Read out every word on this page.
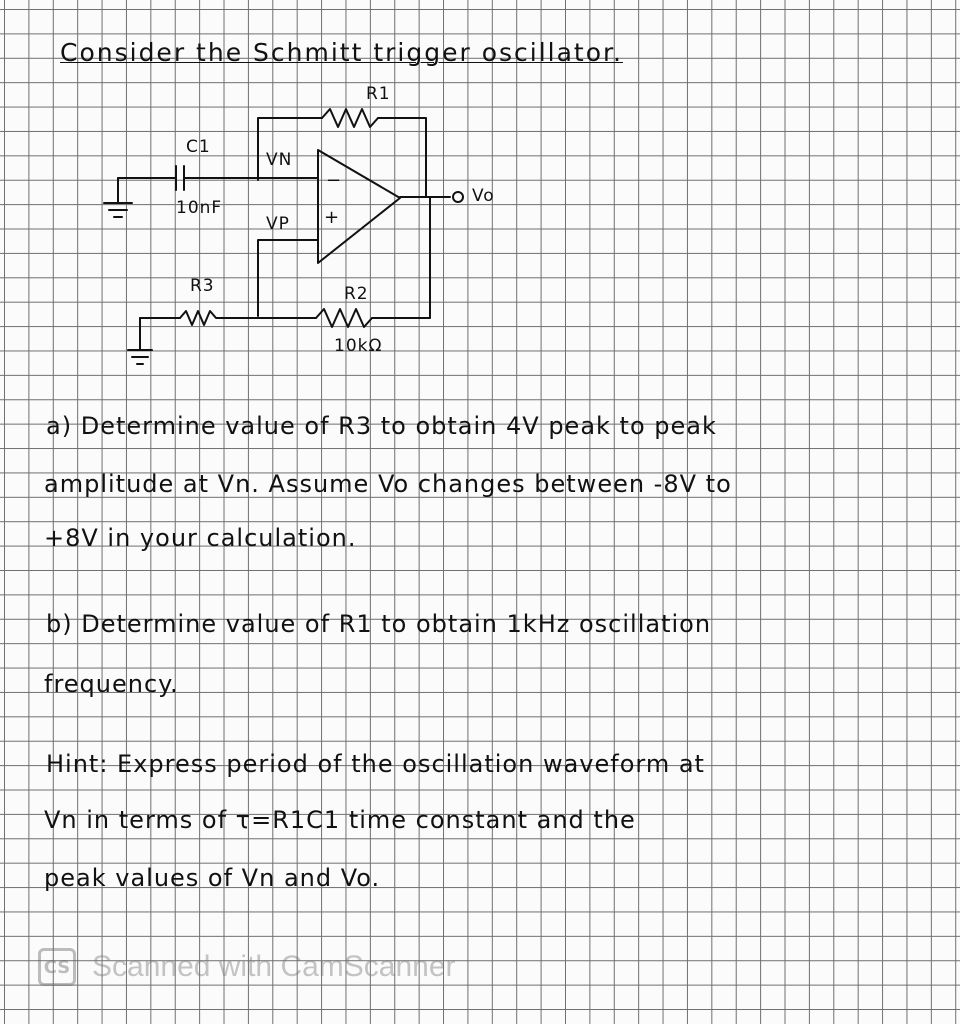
Consider the Schmitt trigger oscillator.
R1
C1
10nF
VN
VP
−
+
Vo
R3	R2
10kΩ
a) Determine value of R3 to obtain 4V peak to peak
amplitude at Vn. Assume Vo changes between -8V to
+8V in your calculation.
b) Determine value of R1 to obtain 1kHz oscillation
frequency.
Hint: Express period of the oscillation waveform at
Vn in terms of τ=R1C1 time constant and the
peak values of Vn and Vo.
CS Scanned with CamScanner
